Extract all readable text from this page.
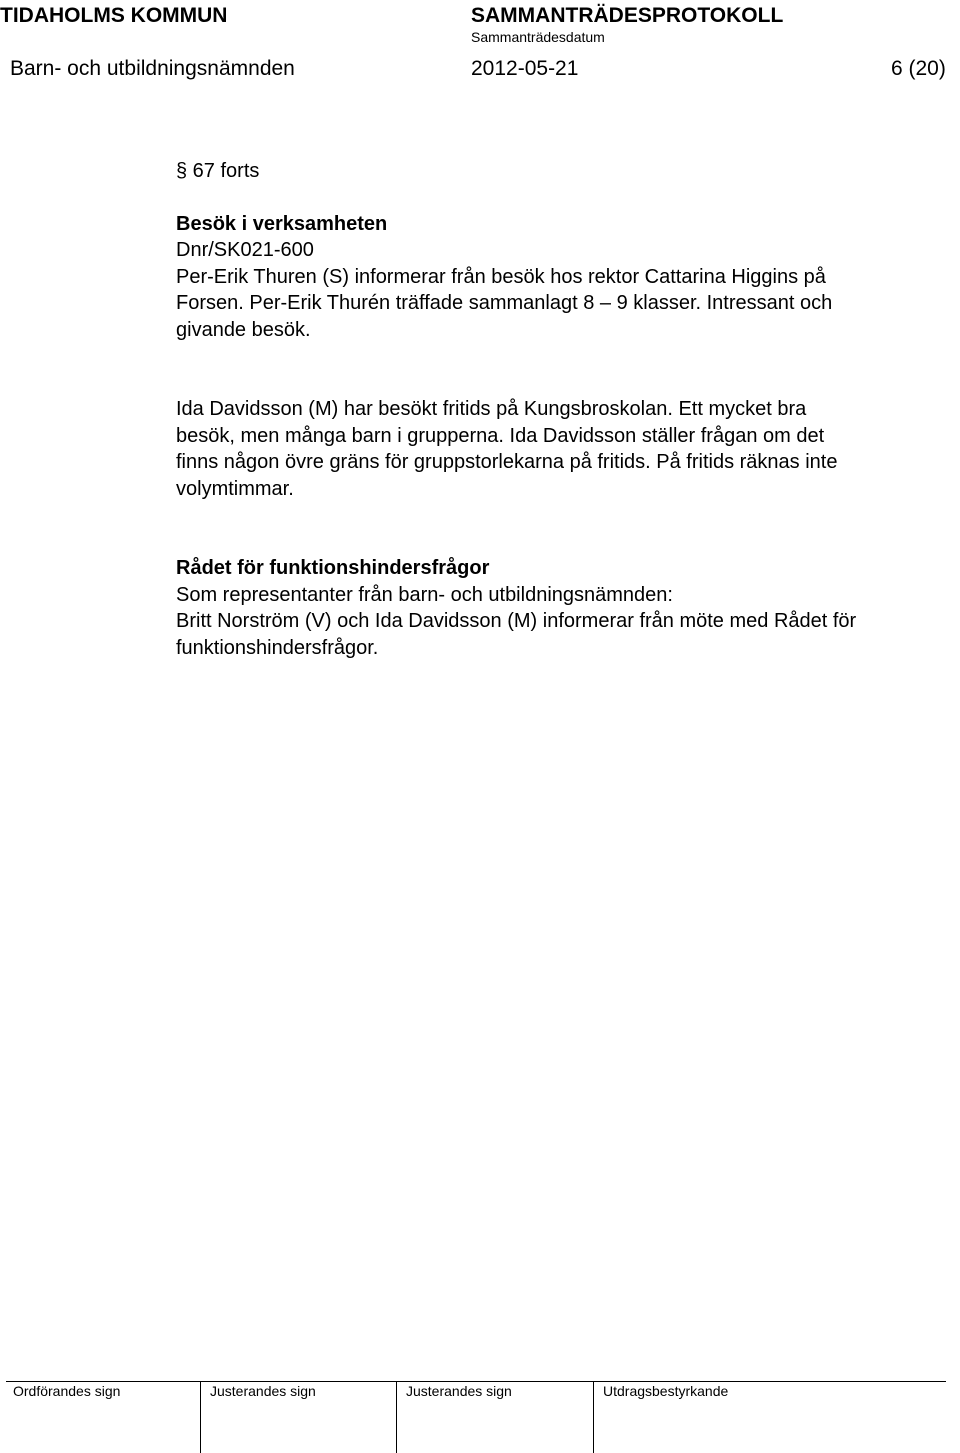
TIDAHOLMS KOMMUN	SAMMANTRÄDESPROTOKOLL
Sammanträdesdatum
Barn- och utbildningsnämnden	2012-05-21	6 (20)

§ 67 forts

Besök i verksamheten

Dnr/SK021-600

Per-Erik Thuren (S) informerar från besök hos rektor Cattarina Higgins på

Forsen. Per-Erik Thurén träffade sammanlagt 8 – 9 klasser. Intressant och

givande besök.

Ida Davidsson (M) har besökt fritids på Kungsbroskolan. Ett mycket bra

besök, men många barn i grupperna. Ida Davidsson ställer frågan om det

finns någon övre gräns för gruppstorlekarna på fritids. På fritids räknas inte

volymtimmar.

Rådet för funktionshindersfrågor

Som representanter från barn- och utbildningsnämnden:

Britt Norström (V) och Ida Davidsson (M) informerar från möte med Rådet för

funktionshindersfrågor.

Ordförandes sign	Justerandes sign	Justerandes sign	Utdragsbestyrkande
